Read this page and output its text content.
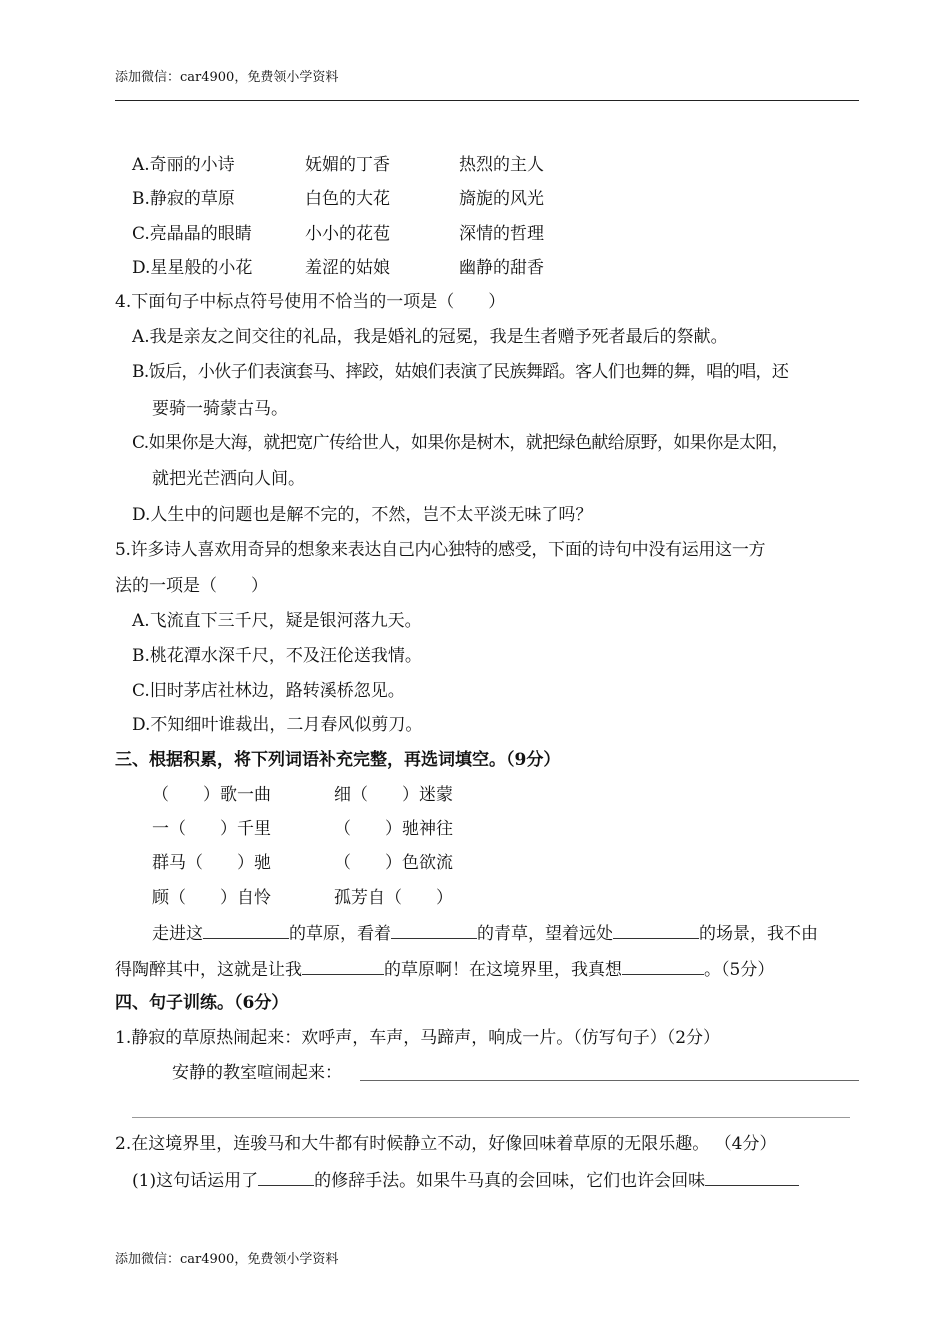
添加微信：car4900，免费领小学资料
A.奇丽的小诗	妩媚的丁香	热烈的主人
B.静寂的草原	白色的大花	旖旎的风光
C.亮晶晶的眼睛	小小的花苞	深情的哲理
D.星星般的小花	羞涩的姑娘	幽静的甜香
4.下面句子中标点符号使用不恰当的一项是（　　）
A.我是亲友之间交往的礼品，我是婚礼的冠冕，我是生者赠予死者最后的祭献。
B.饭后，小伙子们表演套马、摔跤，姑娘们表演了民族舞蹈。客人们也舞的舞，唱的唱，还
要骑一骑蒙古马。
C.如果你是大海，就把宽广传给世人，如果你是树木，就把绿色献给原野，如果你是太阳，
就把光芒洒向人间。
D.人生中的问题也是解不完的，不然，岂不太平淡无味了吗？
5.许多诗人喜欢用奇异的想象来表达自己内心独特的感受，下面的诗句中没有运用这一方
法的一项是（　　）
A.飞流直下三千尺，疑是银河落九天。
B.桃花潭水深千尺，不及汪伦送我情。
C.旧时茅店社林边，路转溪桥忽见。
D.不知细叶谁裁出，二月春风似剪刀。
三、根据积累，将下列词语补充完整，再选词填空。（9分）
（　　）歌一曲	细（　　）迷蒙
一（　　）千里	（　　）驰神往
群马（　　）驰	（　　）色欲流
顾（　　）自怜	孤芳自（　　）
走进这	的草原，看着	的青草，望着远处	的场景，我不由
得陶醉其中，这就是让我	的草原啊！在这境界里，我真想	。（5分）
四、句子训练。（6分）
1.静寂的草原热闹起来：欢呼声，车声，马蹄声，响成一片。（仿写句子）（2分）
安静的教室喧闹起来：
2.在这境界里，连骏马和大牛都有时候静立不动，好像回味着草原的无限乐趣。 （4分）
(1)这句话运用了	的修辞手法。如果牛马真的会回味，它们也许会回味
添加微信：car4900，免费领小学资料
